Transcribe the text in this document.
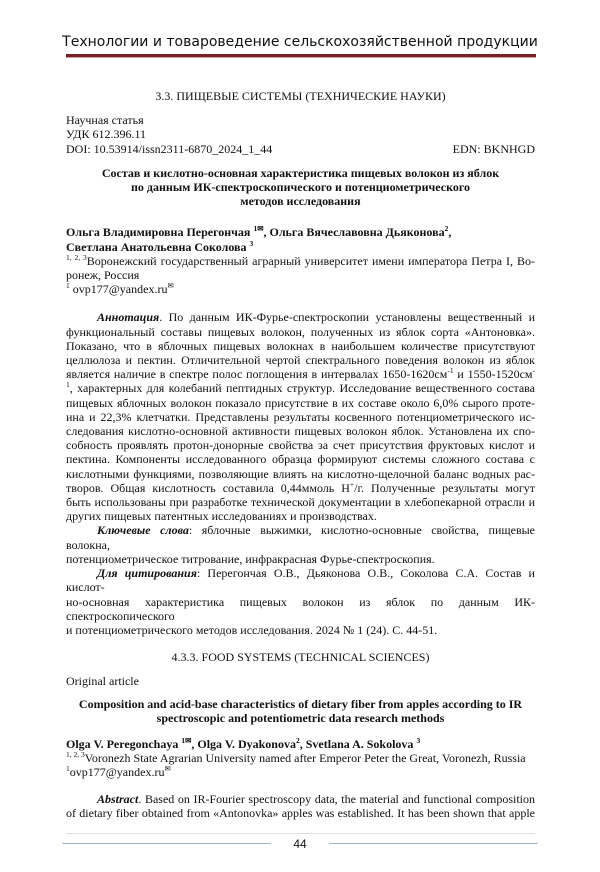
Технологии и товароведение сельскохозяйственной продукции
3.3. ПИЩЕВЫЕ СИСТЕМЫ (ТЕХНИЧЕСКИЕ НАУКИ)
Научная статья
УДК 612.396.11
DOI: 10.53914/issn2311-6870_2024_1_44	EDN: BKNHGD
Состав и кислотно-основная характеристика пищевых волокон из яблок
по данным ИК-спектроскопического и потенциометрического
методов исследования
Ольга Владимировна Перегончая 1✉, Ольга Вячеславовна Дьяконова2,
Светлана Анатольевна Соколова 3
1, 2, 3Воронежский государственный аграрный университет имени императора Петра I, Во-
ронеж, Россия
1 ovp177@yandex.ru✉
Аннотация. По данным ИК-Фурье-спектроскопии установлены вещественный и
функциональный составы пищевых волокон, полученных из яблок сорта «Антоновка».
Показано, что в яблочных пищевых волокнах в наибольшем количестве присутствуют
целлюлоза и пектин. Отличительной чертой спектрального поведения волокон из яблок
является наличие в спектре полос поглощения в интервалах 1650-1620см-1 и 1550-1520см-
1, характерных для колебаний пептидных структур. Исследование вещественного состава
пищевых яблочных волокон показало присутствие в их составе около 6,0% сырого проте-
ина и 22,3% клетчатки. Представлены результаты косвенного потенциометрического ис-
следования кислотно-основной активности пищевых волокон яблок. Установлена их спо-
собность проявлять протон-донорные свойства за счет присутствия фруктовых кислот и
пектина. Компоненты исследованного образца формируют системы сложного состава с
кислотными функциями, позволяющие влиять на кислотно-щелочной баланс водных рас-
творов. Общая кислотность составила 0,44ммоль H+/г. Полученные результаты могут
быть использованы при разработке технической документации в хлебопекарной отрасли и
других пищевых патентных исследованиях и производствах.
Ключевые слова: яблочные выжимки, кислотно-основные свойства, пищевые волокна,
потенциометрическое титрование, инфракрасная Фурье-спектроскопия.
Для цитирования: Перегончая О.В., Дьяконова О.В., Соколова С.А. Состав и кислот-
но-основная характеристика пищевых волокон из яблок по данным ИК-спектроскопического
и потенциометрического методов исследования. 2024 № 1 (24). С. 44-51.
4.3.3. FOOD SYSTEMS (TECHNICAL SCIENCES)
Original article
Composition and acid-base characteristics of dietary fiber from apples according to IR
spectroscopic and potentiometric data research methods
Olga V. Peregonchaya 1✉, Olga V. Dyakonova2, Svetlana A. Sokolova 3
1, 2, 3Voronezh State Agrarian University named after Emperor Peter the Great, Voronezh, Russia
1ovp177@yandex.ru✉
Abstract. Based on IR-Fourier spectroscopy data, the material and functional composition
of dietary fiber obtained from «Antonovka» apples was established. It has been shown that apple
44
